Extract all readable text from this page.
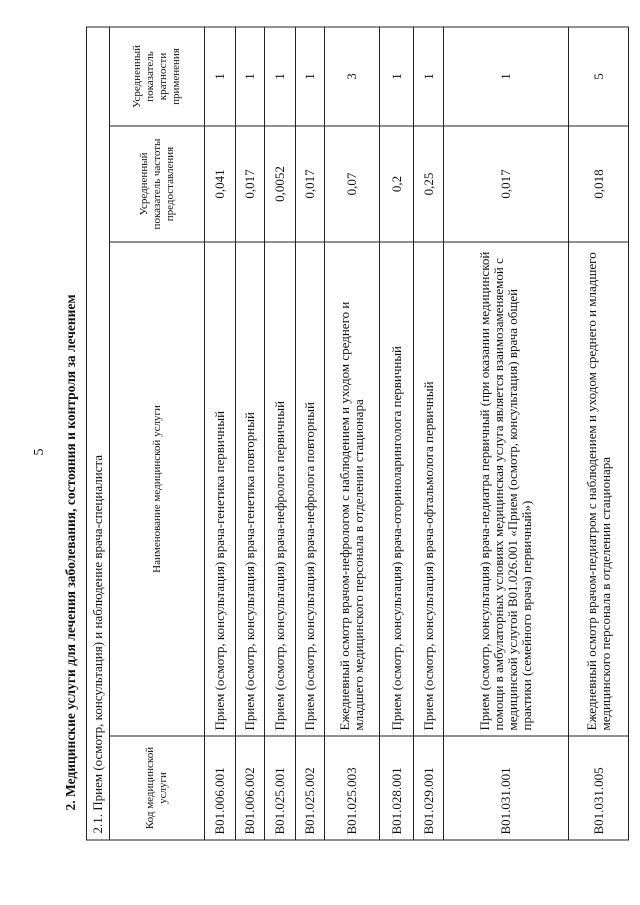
5 2. Медицинские услуги для лечения заболевания, состояния и контроля за лечением 2.1. Прием (осмотр, консультация) и наблюдение врача-специалиста			
Код медицинской услуги	Наименование медицинской услуги	Усредненный показатель частоты предоставления	Усредненный показатель кратности применения
B01.006.001	Прием (осмотр, консультация) врача-генетика первичный	0,041	1
B01.006.002	Прием (осмотр, консультация) врача-генетика повторный	0,017	1
B01.025.001	Прием (осмотр, консультация) врача-нефролога первичный	0,0052	1
B01.025.002	Прием (осмотр, консультация) врача-нефролога повторный	0,017	1
B01.025.003	Ежедневный осмотр врачом-нефрологом с наблюдением и уходом среднего и младшего медицинского персонала в отделении стационара	0,07	3
B01.028.001	Прием (осмотр, консультация) врача-оториноларинголога первичный	0,2	1
B01.029.001	Прием (осмотр, консультация) врача-офтальмолога первичный	0,25	1
B01.031.001	Прием (осмотр, консультация) врача-педиатра первичный (при оказании медицинской помощи в амбулаторных условиях медицинская услуга является взаимозаменяемой с медицинской услугой B01.026.001 «Прием (осмотр, консультация) врача общей практики (семейного врача) первичный»)	0,017	1
B01.031.005	Ежедневный осмотр врачом-педиатром с наблюдением и уходом среднего и младшего медицинского персонала в отделении стационара	0,018	5
